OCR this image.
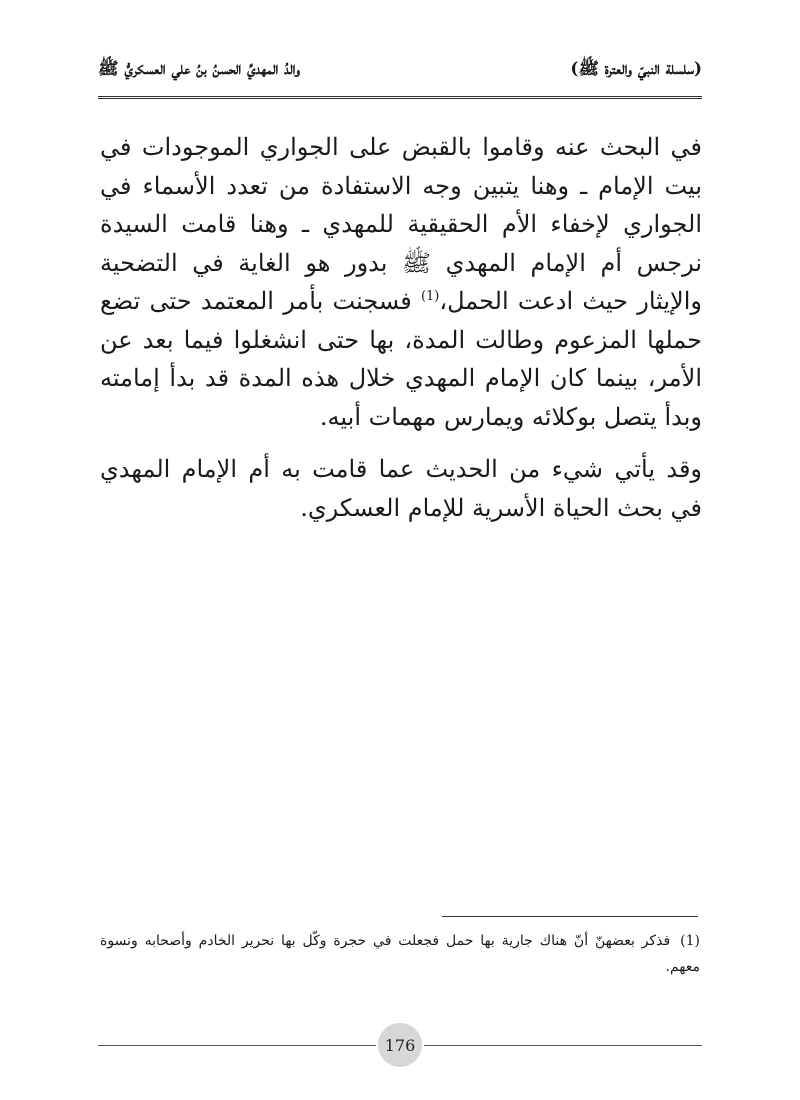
(سلسلة النبيّ والعترة ﷺ)
والدُ المهديِّ الحسنُ بنُ علي العسكريُّ ﷺ

في البحث عنه وقاموا بالقبض على الجواري الموجودات في بيت الإمام ـ وهنا يتبين وجه الاستفادة من تعدد الأسماء في الجواري لإخفاء الأم الحقيقية للمهدي ـ وهنا قامت السيدة نرجس أم الإمام المهدي ﷺ بدور هو الغاية في التضحية والإيثار حيث ادعت الحمل،$^{(1)}$ فسجنت بأمر المعتمد حتى تضع حملها المزعوم وطالت المدة، بها حتى انشغلوا فيما بعد عن الأمر، بينما كان الإمام المهدي خلال هذه المدة قد بدأ إمامته وبدأ يتصل بوكلائه ويمارس مهمات أبيه.

وقد يأتي شيء من الحديث عما قامت به أم الإمام المهدي في بحث الحياة الأسرية للإمام العسكري.

(1)فذكر بعضهنّ أنّ هناك جارية بها حمل فجعلت في حجرة وكّل بها نحرير الخادم وأصحابه ونسوة معهم.
176
